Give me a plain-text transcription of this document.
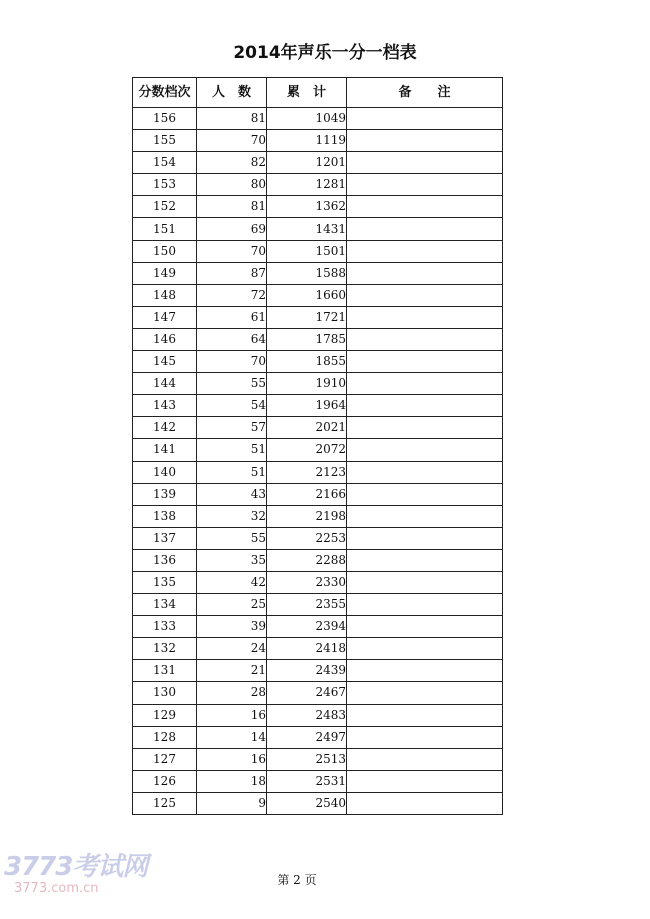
2014年声乐一分一档表
分数档次	人　数	累　计	备　　注
156	81	1049	
155	70	1119	
154	82	1201	
153	80	1281	
152	81	1362	
151	69	1431	
150	70	1501	
149	87	1588	
148	72	1660	
147	61	1721	
146	64	1785	
145	70	1855	
144	55	1910	
143	54	1964	
142	57	2021	
141	51	2072	
140	51	2123	
139	43	2166	
138	32	2198	
137	55	2253	
136	35	2288	
135	42	2330	
134	25	2355	
133	39	2394	
132	24	2418	
131	21	2439	
130	28	2467	
129	16	2483	
128	14	2497	
127	16	2513	
126	18	2531	
125	9	2540	
3773考试网
3773.com.cn
第 2 页
